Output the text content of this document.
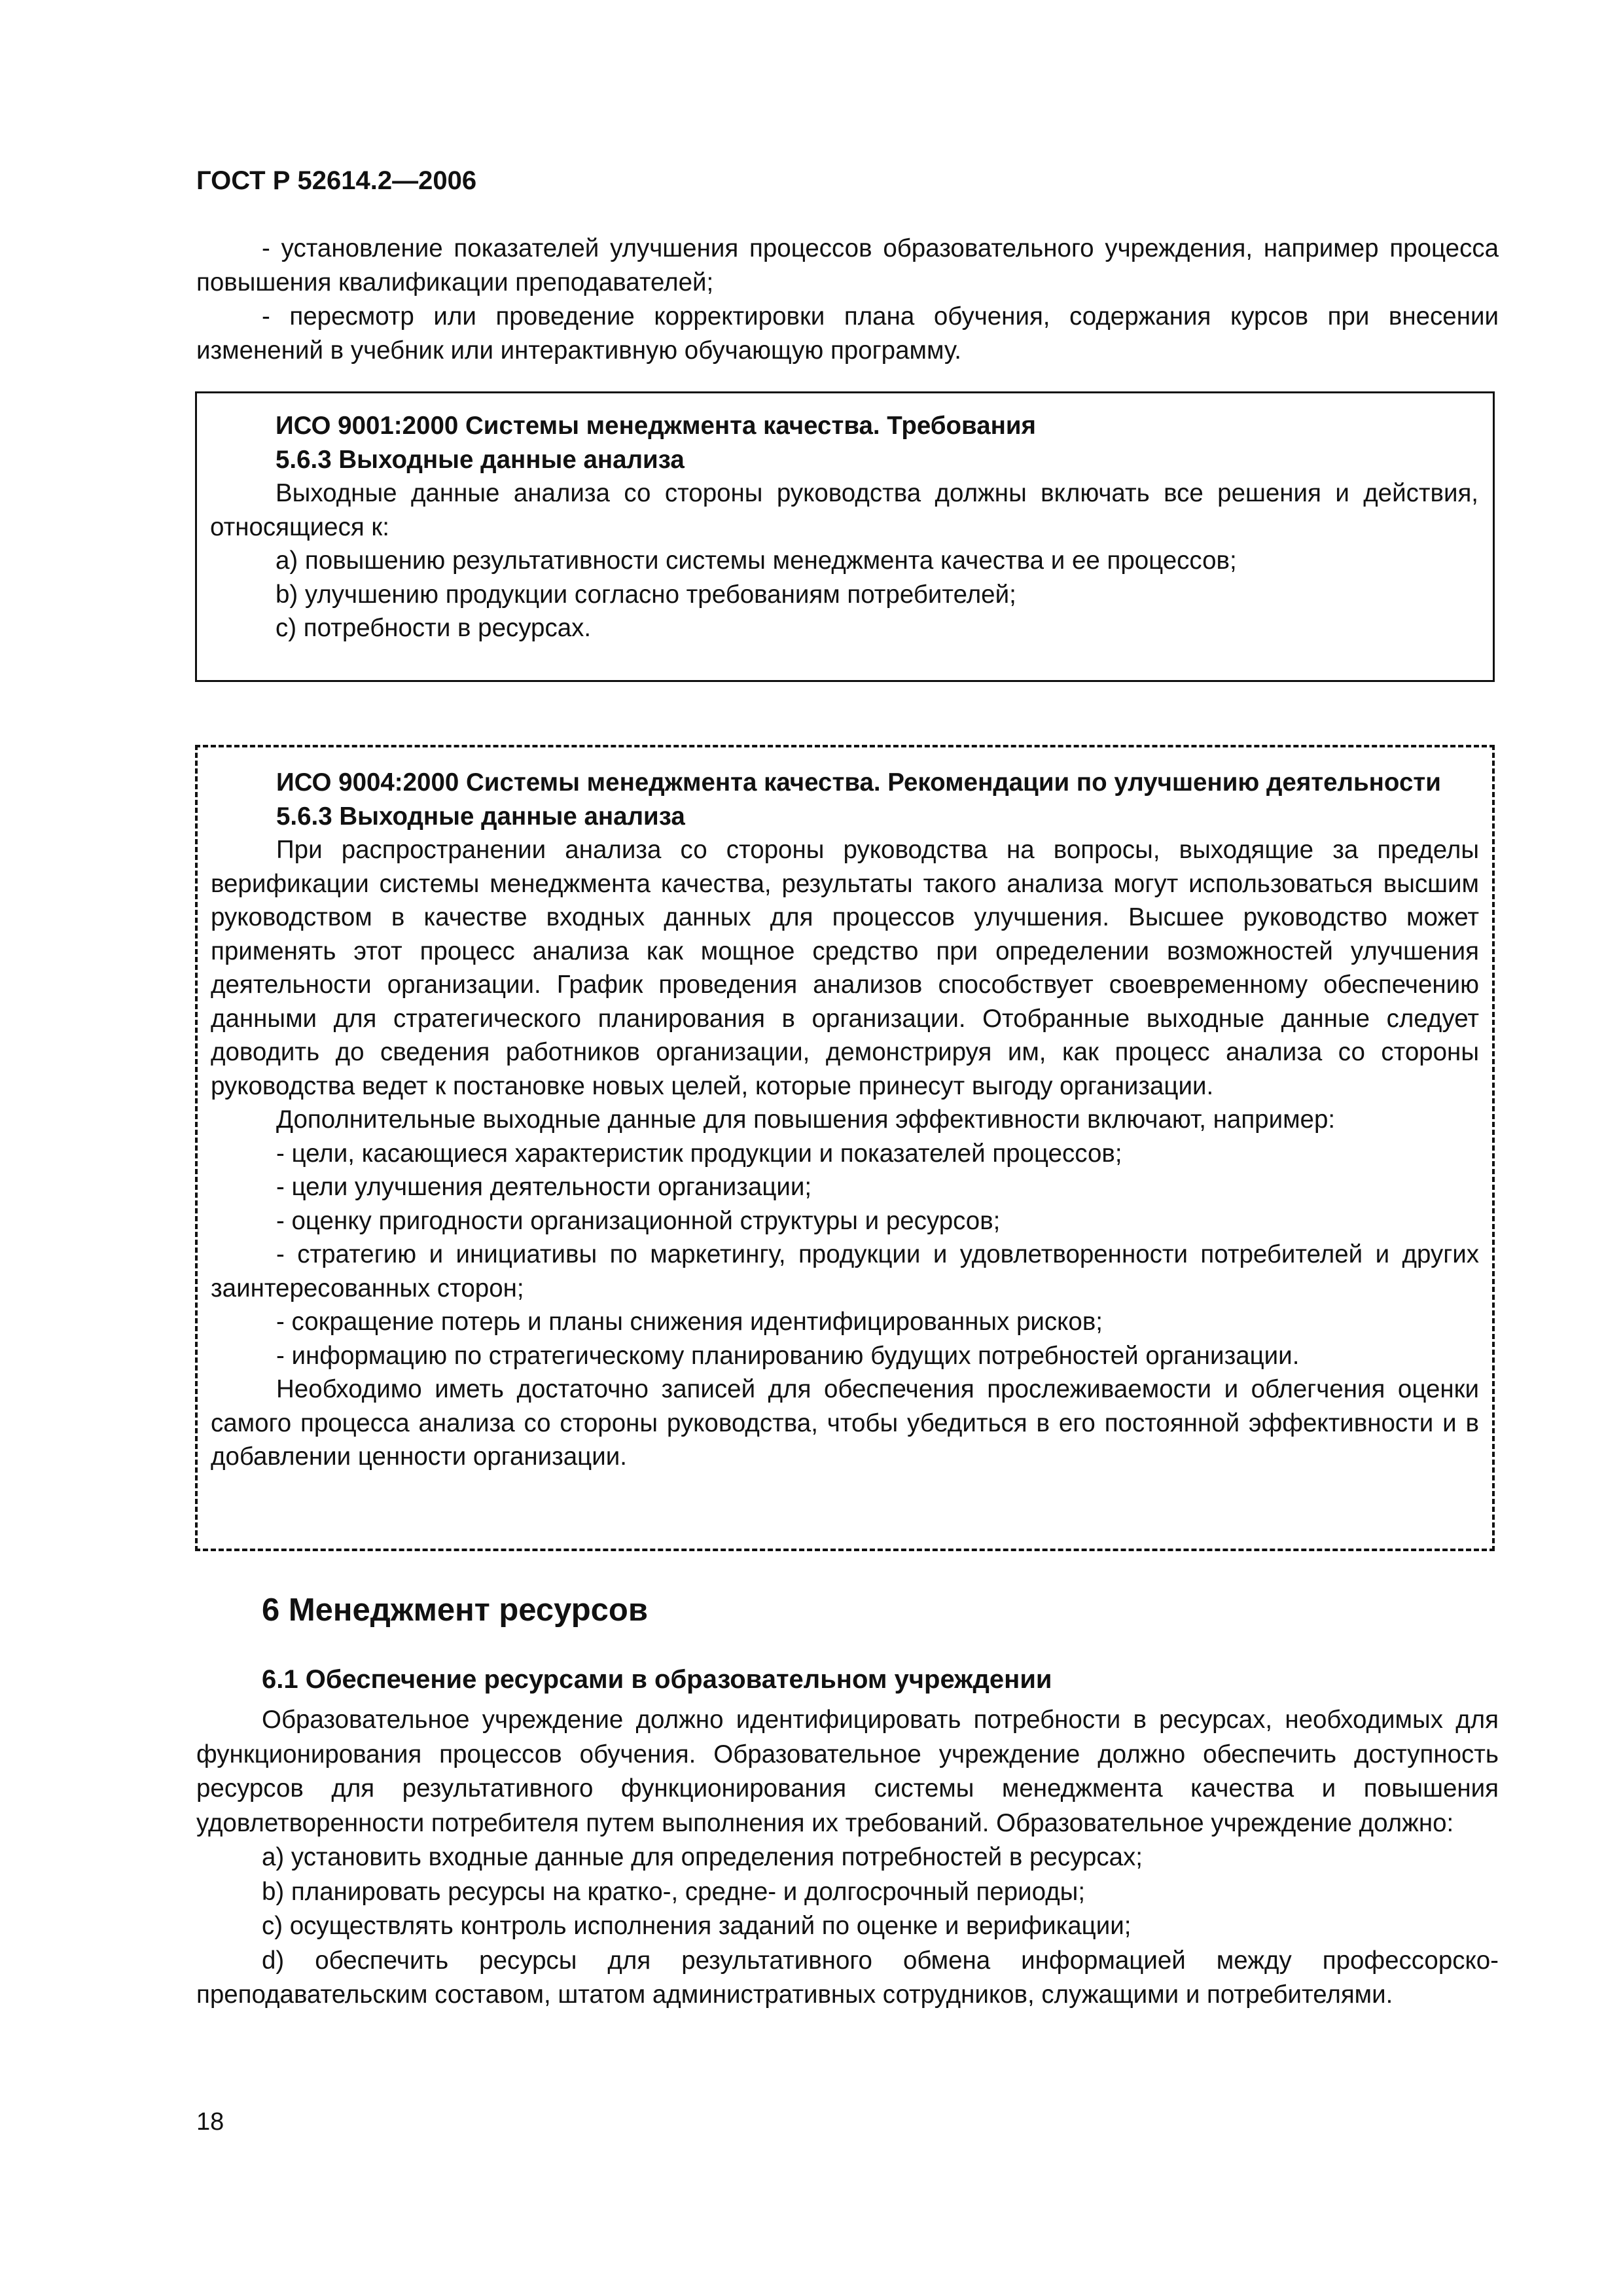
ГОСТ Р 52614.2—2006

- установление показателей улучшения процессов образовательного учреждения, например процесса повышения квалификации преподавателей;

- пересмотр или проведение корректировки плана обучения, содержания курсов при внесении изменений в учебник или интерактивную обучающую программу.

ИСО 9001:2000 Системы менеджмента качества. Требования

5.6.3 Выходные данные анализа

Выходные данные анализа со стороны руководства должны включать все решения и действия, относящиеся к:

a) повышению результативности системы менеджмента качества и ее процессов;

b) улучшению продукции согласно требованиям потребителей;

c) потребности в ресурсах.

ИСО 9004:2000 Системы менеджмента качества. Рекомендации по улучшению деятельности

5.6.3 Выходные данные анализа

При распространении анализа со стороны руководства на вопросы, выходящие за пределы верификации системы менеджмента качества, результаты такого анализа могут использоваться высшим руководством в качестве входных данных для процессов улучшения. Высшее руководство может применять этот процесс анализа как мощное средство при определении возможностей улучшения деятельности организации. График проведения анализов способствует своевременному обеспечению данными для стратегического планирования в организации. Отобранные выходные данные следует доводить до сведения работников организации, демонстрируя им, как процесс анализа со стороны руководства ведет к постановке новых целей, которые принесут выгоду организации.

Дополнительные выходные данные для повышения эффективности включают, например:

- цели, касающиеся характеристик продукции и показателей процессов;

- цели улучшения деятельности организации;

- оценку пригодности организационной структуры и ресурсов;

- стратегию и инициативы по маркетингу, продукции и удовлетворенности потребителей и других заинтересованных сторон;

- сокращение потерь и планы снижения идентифицированных рисков;

- информацию по стратегическому планированию будущих потребностей организации.

Необходимо иметь достаточно записей для обеспечения прослеживаемости и облегчения оценки самого процесса анализа со стороны руководства, чтобы убедиться в его постоянной эффективности и в добавлении ценности организации.

6 Менеджмент ресурсов

6.1 Обеспечение ресурсами в образовательном учреждении

Образовательное учреждение должно идентифицировать потребности в ресурсах, необходимых для функционирования процессов обучения. Образовательное учреждение должно обеспечить доступность ресурсов для результативного функционирования системы менеджмента качества и повышения удовлетворенности потребителя путем выполнения их требований. Образовательное учреждение должно:

a) установить входные данные для определения потребностей в ресурсах;

b) планировать ресурсы на кратко-, средне- и долгосрочный периоды;

c) осуществлять контроль исполнения заданий по оценке и верификации;

d) обеспечить ресурсы для результативного обмена информацией между профессорско-преподавательским составом, штатом административных сотрудников, служащими и потребителями.

18
